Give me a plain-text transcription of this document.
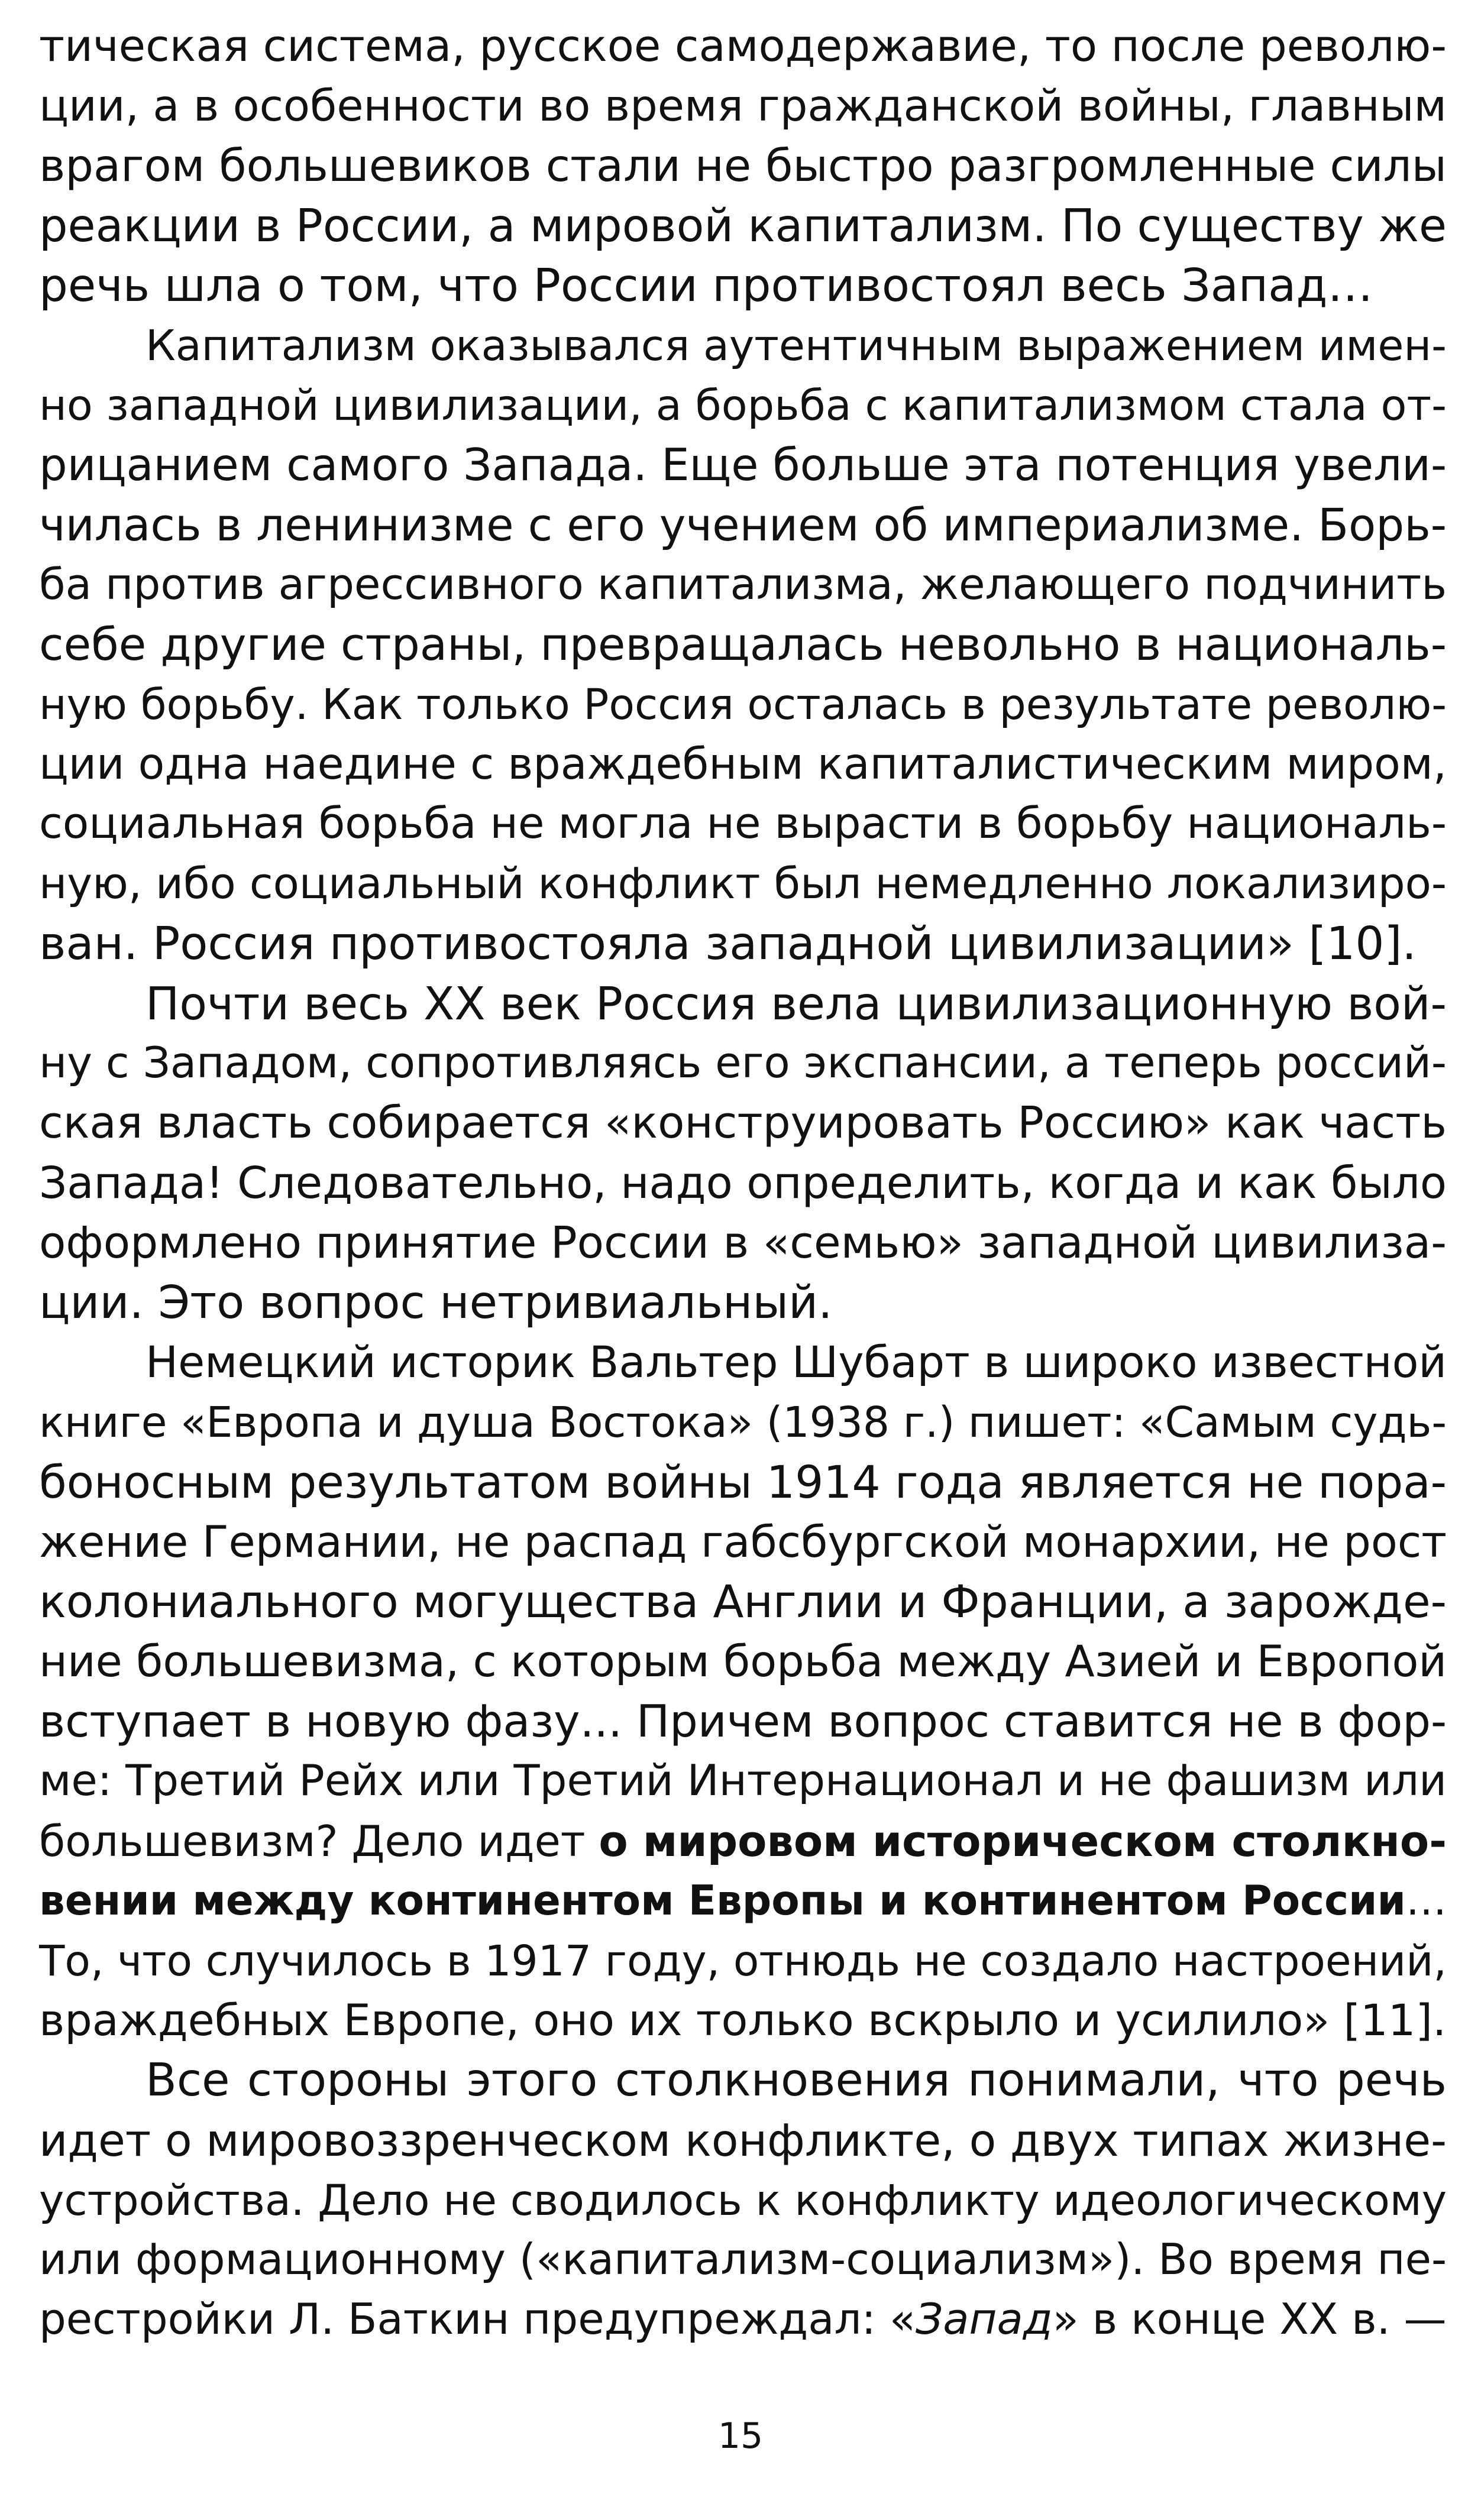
тическая система, русское самодержавие, то после револю-
ции, а в особенности во время гражданской войны, главным
врагом большевиков стали не быстро разгромленные силы
реакции в России, а мировой капитализм. По существу же
речь шла о том, что России противостоял весь Запад…
Капитализм оказывался аутентичным выражением имен-
но западной цивилизации, а борьба с капитализмом стала от-
рицанием самого Запада. Еще больше эта потенция увели-
чилась в ленинизме с его учением об империализме. Борь-
ба против агрессивного капитализма, желающего подчинить
себе другие страны, превращалась невольно в националь-
ную борьбу. Как только Россия осталась в результате револю-
ции одна наедине с враждебным капиталистическим миром,
социальная борьба не могла не вырасти в борьбу националь-
ную, ибо социальный конфликт был немедленно локализиро-
ван. Россия противостояла западной цивилизации» [10].
Почти весь XX век Россия вела цивилизационную вой-
ну с Западом, сопротивляясь его экспансии, а теперь россий-
ская власть собирается «конструировать Россию» как часть
Запада! Следовательно, надо определить, когда и как было
оформлено принятие России в «семью» западной цивилиза-
ции. Это вопрос нетривиальный.
Немецкий историк Вальтер Шубарт в широко известной
книге «Европа и душа Востока» (1938 г.) пишет: «Самым судь-
боносным результатом войны 1914 года является не пора-
жение Германии, не распад габсбургской монархии, не рост
колониального могущества Англии и Франции, а зарожде-
ние большевизма, с которым борьба между Азией и Европой
вступает в новую фазу... Причем вопрос ставится не в фор-
ме: Третий Рейх или Третий Интернационал и не фашизм или
большевизм? Дело идет о мировом историческом столкно-
вении между континентом Европы и континентом России…
То, что случилось в 1917 году, отнюдь не создало настроений,
враждебных Европе, оно их только вскрыло и усилило» [11].
Все стороны этого столкновения понимали, что речь
идет о мировоззренческом конфликте, о двух типах жизне-
устройства. Дело не сводилось к конфликту идеологическому
или формационному («капитализм-социализм»). Во время пе-
рестройки Л. Баткин предупреждал: «Запад» в конце XX в. —
15
